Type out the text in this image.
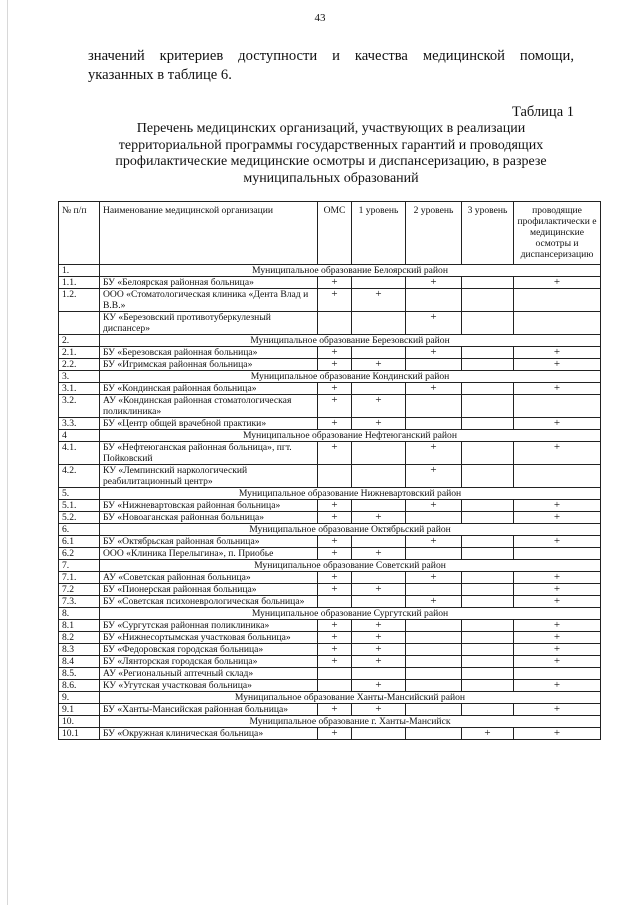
43
значений критериев доступности и качества медицинской помощи,
указанных в таблице 6.
Таблица 1
Перечень медицинских организаций, участвующих в реализации территориальной программы государственных гарантий и проводящих профилактические медицинские осмотры и диспансеризацию, в разрезе муниципальных образований
№ п/п	Наименование медицинской организации	ОМС	1 уровень	2 уровень	3 уровень	проводящие профилактически е медицинские осмотры и диспансеризацию
1.	Муниципальное образование Белоярский район					
1.1.	БУ «Белоярская районная больница»	+		+		+
1.2.	ООО «Стоматологическая клиника «Дента Влад и В.В.»	+	+			
	КУ «Березовский противотуберкулезный диспансер»			+		
2.	Муниципальное образование Березовский район					
2.1.	БУ «Березовская районная больница»	+		+		+
2.2.	БУ «Игримская районная больница»	+	+			+
3.	Муниципальное образование Кондинский район					
3.1.	БУ «Кондинская районная больница»	+		+		+
3.2.	АУ «Кондинская районная стоматологическая поликлиника»	+	+			
3.3.	БУ «Центр общей врачебной практики»	+	+			+
4	Муниципальное образование Нефтеюганский район					
4.1.	БУ «Нефтеюганская районная больница», пгт. Пойковский	+		+		+
4.2.	КУ «Лемпинский наркологический реабилитационный центр»			+		
5.	Муниципальное образование Нижневартовский район					
5.1.	БУ «Нижневартовская районная больница»	+		+		+
5.2.	БУ «Новоаганская районная больница»	+	+			+
6.	Муниципальное образование Октябрьский район					
6.1	БУ «Октябрьская районная больница»	+		+		+
6.2	ООО «Клиника Перелыгина», п. Приобье	+	+			
7.	Муниципальное образование Советский район					
7.1.	АУ «Советская районная больница»	+		+		+
7.2	БУ «Пионерская районная больница»	+	+			+
7.3.	БУ «Советская психоневрологическая больница»			+		+
8.	Муниципальное образование Сургутский район					
8.1	БУ «Сургутская районная поликлиника»	+	+			+
8.2	БУ «Нижнесортымская участковая больница»	+	+			+
8.3	БУ «Федоровская городская больница»	+	+			+
8.4	БУ «Лянторская городская больница»	+	+			+
8.5.	АУ «Региональный аптечный склад»					
8.6.	КУ «Угутская участковая больница»		+			+
9.	Муниципальное образование Ханты-Мансийский район					
9.1	БУ «Ханты-Мансийская районная больница»	+	+			+
10.	Муниципальное образование г. Ханты-Мансийск					
10.1	БУ «Окружная клиническая больница»	+			+	+
